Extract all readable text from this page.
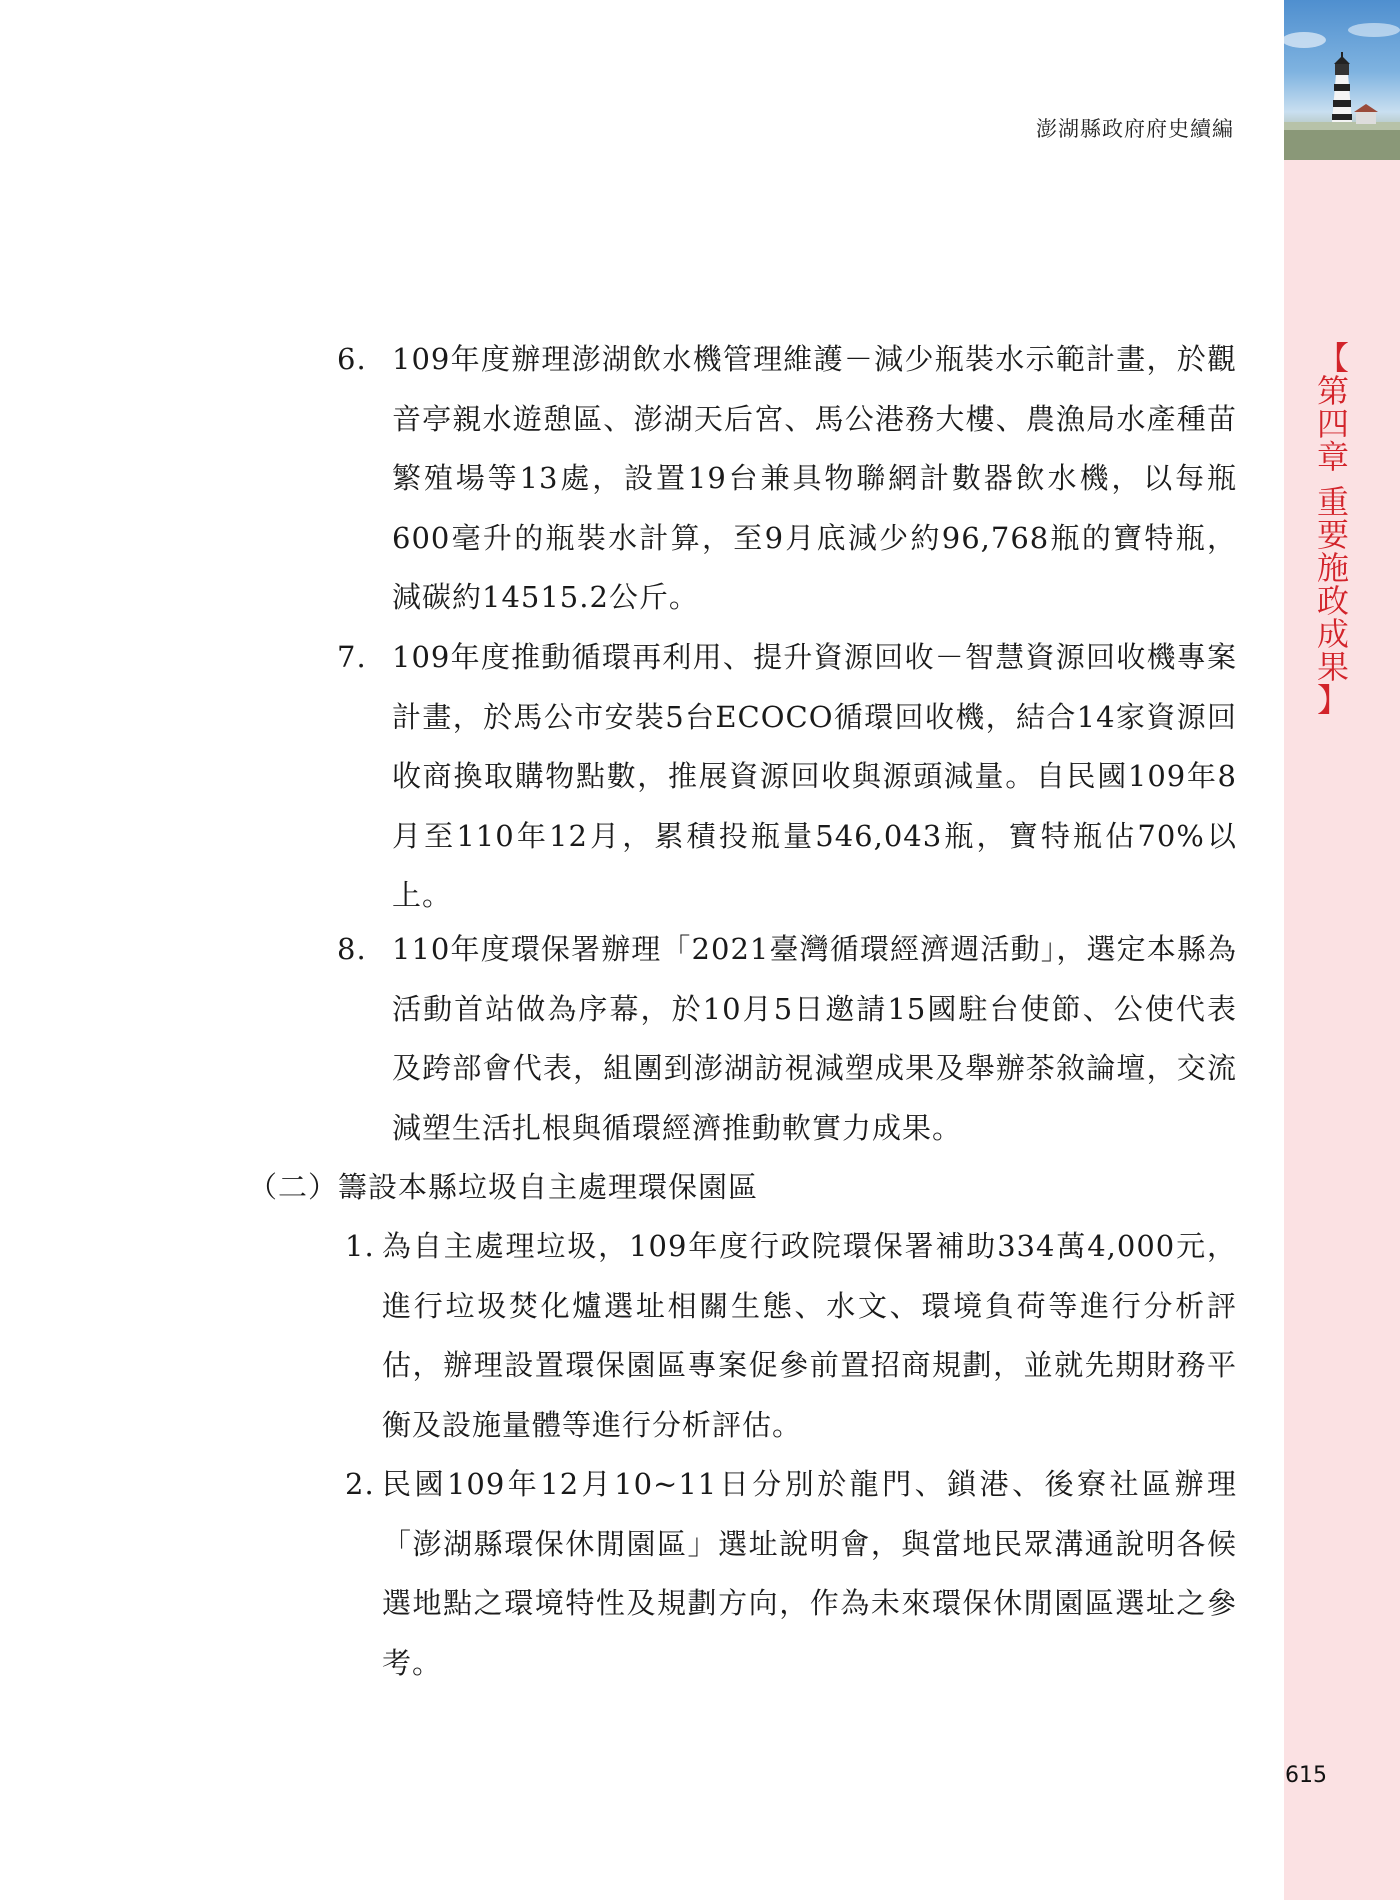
澎湖縣政府府史續編
【
第
四
章
重
要
施
政
成
果
】
6. 109年度辦理澎湖飲水機管理維護－減少瓶裝水示範計畫，於觀音亭親水遊憩區、澎湖天后宮、馬公港務大樓、農漁局水產種苗繁殖場等13處，設置19台兼具物聯網計數器飲水機，以每瓶600毫升的瓶裝水計算，至9月底減少約96,768瓶的寶特瓶，減碳約14515.2公斤。
7. 109年度推動循環再利用、提升資源回收－智慧資源回收機專案計畫，於馬公市安裝5台ECOCO循環回收機，結合14家資源回收商換取購物點數，推展資源回收與源頭減量。自民國109年8月至110年12月，累積投瓶量546,043瓶，寶特瓶佔70%以上。
8. 110年度環保署辦理「2021臺灣循環經濟週活動」，選定本縣為活動首站做為序幕，於10月5日邀請15國駐台使節、公使代表及跨部會代表，組團到澎湖訪視減塑成果及舉辦茶敘論壇，交流減塑生活扎根與循環經濟推動軟實力成果。
（二）籌設本縣垃圾自主處理環保園區
1. 為自主處理垃圾，109年度行政院環保署補助334萬4,000元，進行垃圾焚化爐選址相關生態、水文、環境負荷等進行分析評估，辦理設置環保園區專案促參前置招商規劃，並就先期財務平衡及設施量體等進行分析評估。
2. 民國109年12月10~11日分別於龍門、鎖港、後寮社區辦理「澎湖縣環保休閒園區」選址說明會，與當地民眾溝通說明各候選地點之環境特性及規劃方向，作為未來環保休閒園區選址之參考。
615
